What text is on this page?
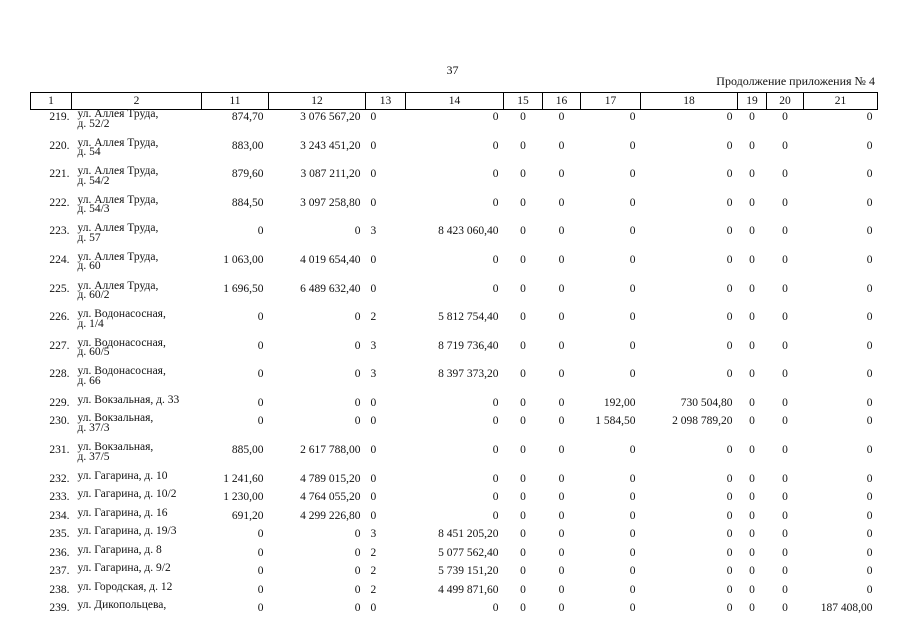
37
Продолжение приложения № 4
1	2	11	12	13	14	15	16	17	18	19	20	21
219.	ул. Аллея Труда,
д. 52/2	874,70	3 076 567,20	0	0	0	0	0	0	0	0	0
220.	ул. Аллея Труда,
д. 54	883,00	3 243 451,20	0	0	0	0	0	0	0	0	0
221.	ул. Аллея Труда,
д. 54/2	879,60	3 087 211,20	0	0	0	0	0	0	0	0	0
222.	ул. Аллея Труда,
д. 54/3	884,50	3 097 258,80	0	0	0	0	0	0	0	0	0
223.	ул. Аллея Труда,
д. 57	0	0	3	8 423 060,40	0	0	0	0	0	0	0
224.	ул. Аллея Труда,
д. 60	1 063,00	4 019 654,40	0	0	0	0	0	0	0	0	0
225.	ул. Аллея Труда,
д. 60/2	1 696,50	6 489 632,40	0	0	0	0	0	0	0	0	0
226.	ул. Водонасосная,
д. 1/4	0	0	2	5 812 754,40	0	0	0	0	0	0	0
227.	ул. Водонасосная,
д. 60/5	0	0	3	8 719 736,40	0	0	0	0	0	0	0
228.	ул. Водонасосная,
д. 66	0	0	3	8 397 373,20	0	0	0	0	0	0	0
229.	ул. Вокзальная, д. 33	0	0	0	0	0	0	192,00	730 504,80	0	0	0
230.	ул. Вокзальная,
д. 37/3	0	0	0	0	0	0	1 584,50	2 098 789,20	0	0	0
231.	ул. Вокзальная,
д. 37/5	885,00	2 617 788,00	0	0	0	0	0	0	0	0	0
232.	ул. Гагарина, д. 10	1 241,60	4 789 015,20	0	0	0	0	0	0	0	0	0
233.	ул. Гагарина, д. 10/2	1 230,00	4 764 055,20	0	0	0	0	0	0	0	0	0
234.	ул. Гагарина, д. 16	691,20	4 299 226,80	0	0	0	0	0	0	0	0	0
235.	ул. Гагарина, д. 19/3	0	0	3	8 451 205,20	0	0	0	0	0	0	0
236.	ул. Гагарина, д. 8	0	0	2	5 077 562,40	0	0	0	0	0	0	0
237.	ул. Гагарина, д. 9/2	0	0	2	5 739 151,20	0	0	0	0	0	0	0
238.	ул. Городская, д. 12	0	0	2	4 499 871,60	0	0	0	0	0	0	0
239.	ул. Дикопольцева,	0	0	0	0	0	0	0	0	0	0	187 408,00
